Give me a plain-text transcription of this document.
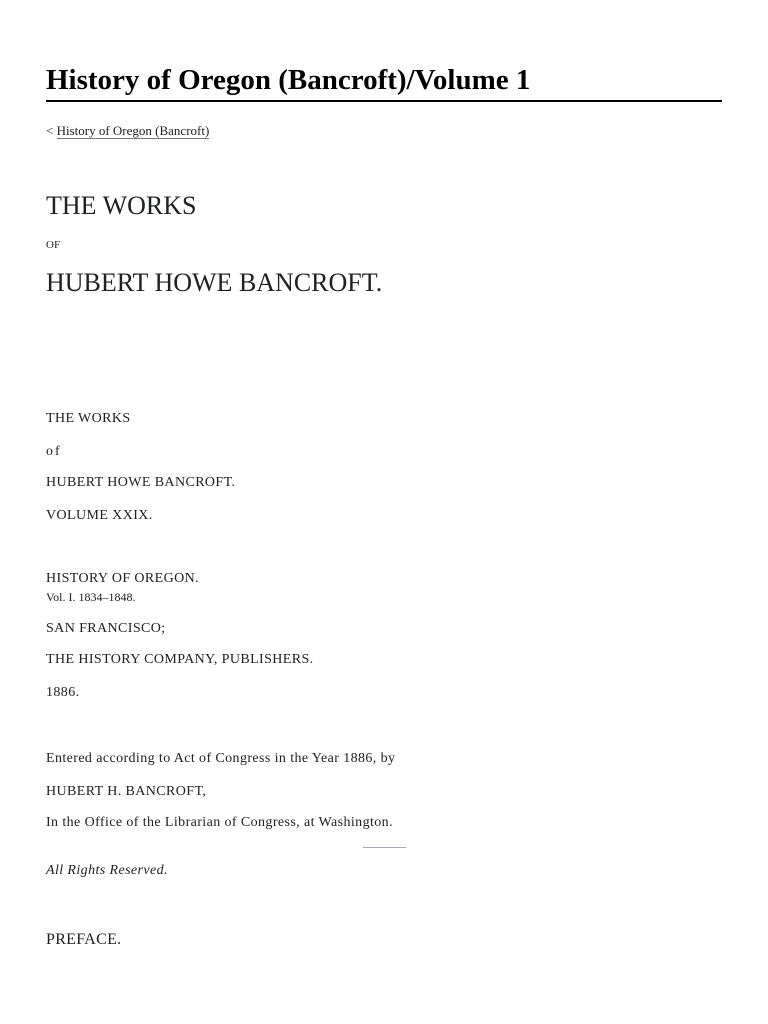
History of Oregon (Bancroft)/Volume 1
< History of Oregon (Bancroft)

THE WORKS

OF

HUBERT HOWE BANCROFT.

THE WORKS

of

HUBERT HOWE BANCROFT.

VOLUME XXIX.

HISTORY OF OREGON.

Vol. I. 1834–1848.

SAN FRANCISCO;

THE HISTORY COMPANY, PUBLISHERS.

1886.

Entered according to Act of Congress in the Year 1886, by

HUBERT H. BANCROFT,

In the Office of the Librarian of Congress, at Washington.

All Rights Reserved.

PREFACE.
